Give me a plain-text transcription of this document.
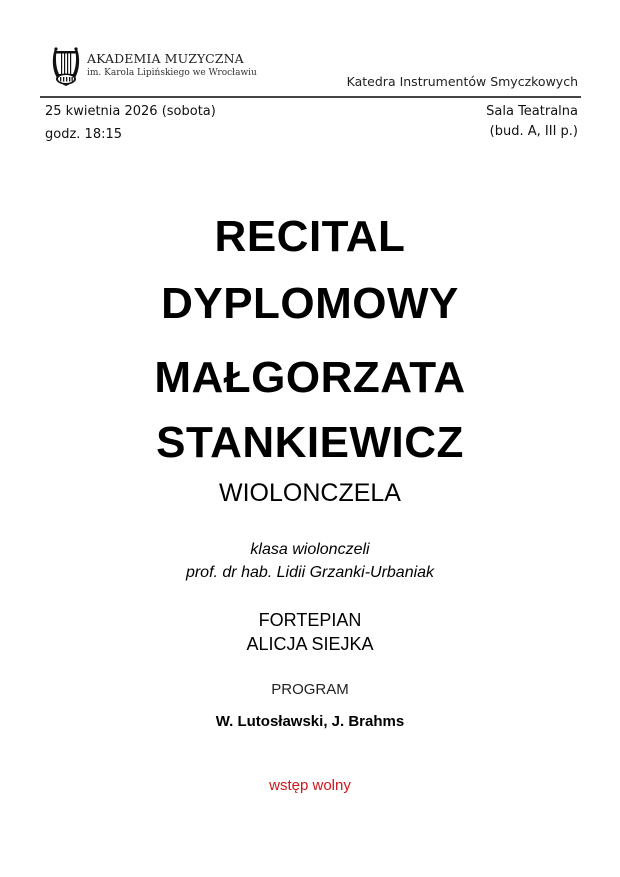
AKADEMIA MUZYCZNA
im. Karola Lipińskiego we Wrocławiu
Katedra Instrumentów Smyczkowych
25 kwietnia 2026 (sobota)
godz. 18:15
Sala Teatralna
(bud. A, III p.)
RECITAL
DYPLOMOWY
MAŁGORZATA
STANKIEWICZ
WIOLONCZELA
klasa wiolonczeli
prof. dr hab. Lidii Grzanki-Urbaniak
FORTEPIAN
ALICJA SIEJKA
PROGRAM
W. Lutosławski, J. Brahms
wstęp wolny
